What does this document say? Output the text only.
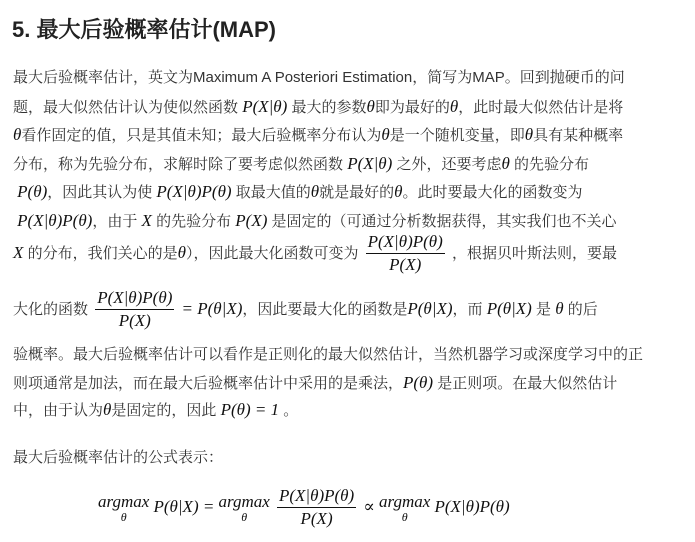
5. 最大后验概率估计(MAP)
最大后验概率估计，英文为Maximum A Posteriori Estimation，简写为MAP。回到抛硬币的问
题，最大似然估计认为使似然函数 P(X|θ) 最大的参数θ即为最好的θ，此时最大似然估计是将
θ看作固定的值，只是其值未知；最大后验概率分布认为θ是一个随机变量，即θ具有某种概率
分布，称为先验分布，求解时除了要考虑似然函数 P(X|θ) 之外，还要考虑θ 的先验分布
P(θ)，因此其认为使 P(X|θ)P(θ) 取最大值的θ就是最好的θ。此时要最大化的函数变为
P(X|θ)P(θ)，由于 X 的先验分布 P(X) 是固定的（可通过分析数据获得，其实我们也不关心
X 的分布，我们关心的是θ），因此最大化函数可变为 $\frac{P(X|\theta)P(\theta)}{P(X)}$ ，根据贝叶斯法则，要最
大化的函数 $\frac{P(X|\theta)P(\theta)}{P(X)} = P(\theta|X)$，因此要最大化的函数是P(θ|X)，而 P(θ|X) 是 θ 的后
验概率。最大后验概率估计可以看作是正则化的最大似然估计，当然机器学习或深度学习中的正
则项通常是加法，而在最大后验概率估计中采用的是乘法，P(θ) 是正则项。在最大似然估计
中，由于认为θ是固定的，因此 P(θ) = 1 。
最大后验概率估计的公式表示：
argmax
θ
P(θ|X) = argmax
θ
	$\frac{P(X|\theta)P(\theta)}{P(X)} \propto argmax$
θ
P(X|θ)P(θ)
